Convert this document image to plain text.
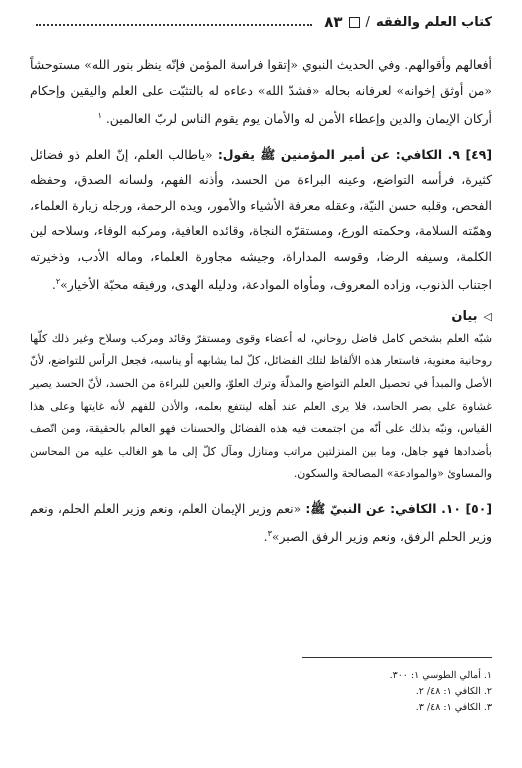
كتاب العلم والفقه
/
٨٣

أفعالهم وأقوالهم. وفي الحديث النبوي «إتقوا فراسة المؤمن فإنّه ينظر بنور الله» مستوحشاً «من أوثق إخوانه» لعرفانه بحاله «فشدّ الله» دعاءه له بالتثبّت على العلم واليقين وإحكام أركان الإيمان والدين وإعطاء الأمن له والأمان يوم يقوم الناس لربّ العالمين. $^١$

[٤٩] ٩. الكافي: عن أمير المؤمنين ﷺ يقول: «ياطالب العلم، إنّ العلم ذو فضائل كثيرة، فرأسه التواضع، وعينه البراءة من الحسد، وأذنه الفهم، ولسانه الصدق، وحفظه الفحص، وقلبه حسن النيّة، وعقله معرفة الأشياء والأمور، ويده الرحمة، ورجله زيارة العلماء، وهمّته السلامة، وحكمته الورع، ومستقرّه النجاة، وقائده العافية، ومركبه الوفاء، وسلاحه لين الكلمة، وسيفه الرضا، وقوسه المداراة، وجيشه مجاورة العلماء، وماله الأدب، وذخيرته اجتناب الذنوب، وزاده المعروف، ومأواه الموادعة، ودليله الهدى، ورفيقه محبّة الأخيار»$^٢$.

◁
بيان

شبّه العلم بشخص كامل فاضل روحاني، له أعضاء وقوى ومستقرّ وقائد ومركب وسلاح وغير ذلك كلّها روحانية معنوية، فاستعار هذه الألفاظ لتلك الفضائل، كلّ لما يشابهه أو يناسبه، فجعل الرأس للتواضع، لأنّ الأصل والمبدأ في تحصيل العلم التواضع والمذلّة وترك العلوّ، والعين للبراءة من الحسد، لأنّ الحسد يصير غشاوة على بصر الحاسد، فلا يرى العلم عند أهله لينتفع بعلمه، والأذن للفهم لأنه غايتها وعلى هذا القياس، ونبّه بذلك على أنّه من اجتمعت فيه هذه الفضائل والحسنات فهو العالم بالحقيقة، ومن اتّصف بأضدادها فهو جاهل، وما بين المنزلتين مراتب ومنازل ومآل كلّ إلى ما هو الغالب عليه من المحاسن والمساوئ «والموادعة» المصالحة والسكون.

[٥٠] ١٠. الكافي: عن النبيّ ﷺ: «نعم وزير الإيمان العلم، ونعم وزير العلم الحلم، ونعم وزير الحلم الرفق، ونعم وزير الرفق الصبر»$^٣$.

١. أمالي الطوسي ١: ٣٠٠.
٢. الكافي ١: ٤٨/ ٢.
٣. الكافي ١: ٤٨/ ٣.
